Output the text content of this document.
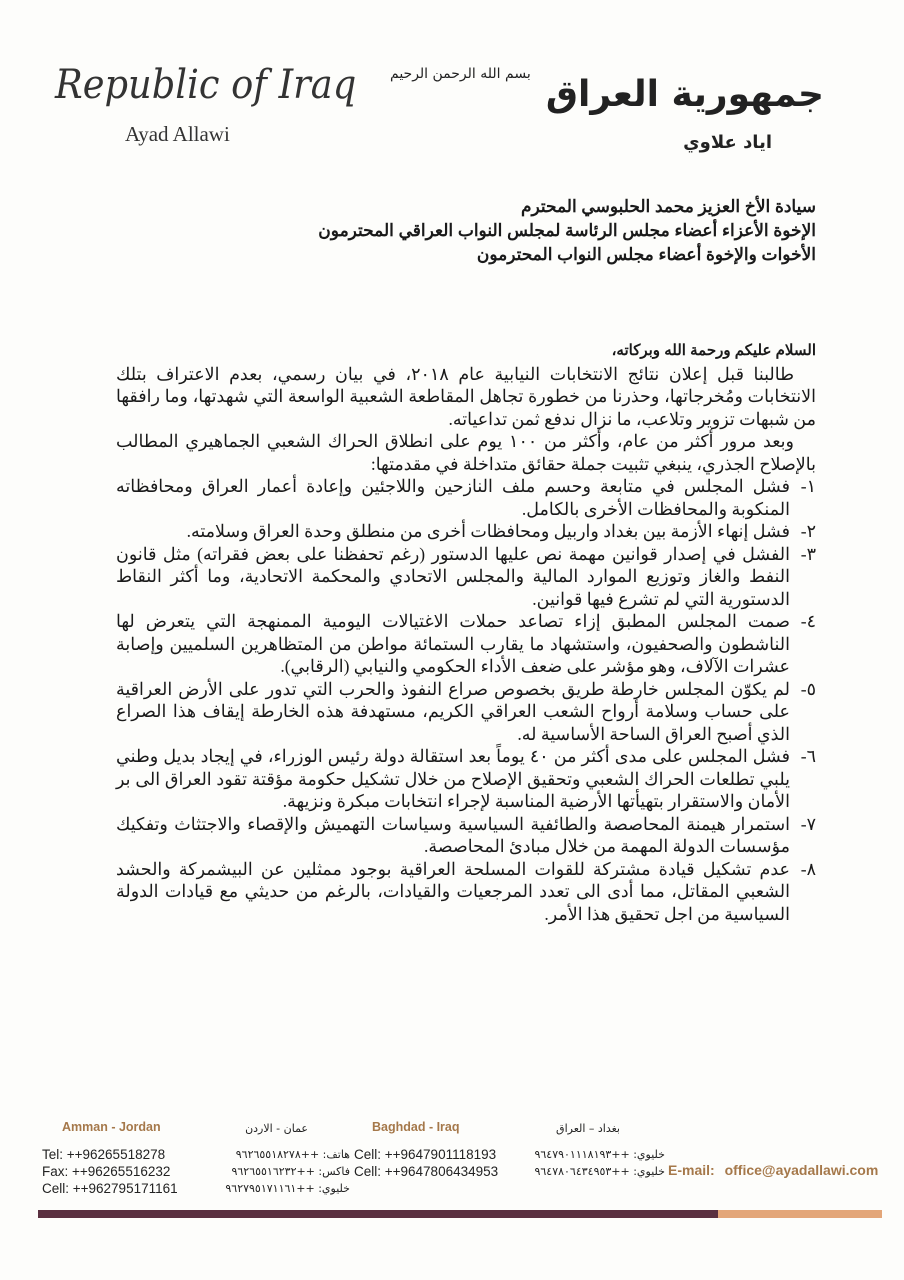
Republic of Iraq
Ayad Allawi
بسم الله الرحمن الرحيم جمهورية العراق
اياد علاوي
سيادة الأخ العزيز محمد الحلبوسي المحترم
الإخوة الأعزاء أعضاء مجلس الرئاسة لمجلس النواب العراقي المحترمون
الأخوات والإخوة أعضاء مجلس النواب المحترمون
السلام عليكم ورحمة الله وبركاته،

طالبنا قبل إعلان نتائج الانتخابات النيابية عام ٢٠١٨، في بيان رسمي، بعدم الاعتراف بتلك الانتخابات ومُخرجاتها، وحذرنا من خطورة تجاهل المقاطعة الشعبية الواسعة التي شهدتها، وما رافقها من شبهات تزوير وتلاعب، ما نزال ندفع ثمن تداعياته.

وبعد مرور أكثر من عام، وأكثر من ١٠٠ يوم على انطلاق الحراك الشعبي الجماهيري المطالب بالإصلاح الجذري، ينبغي تثبيت جملة حقائق متداخلة في مقدمتها:

١-فشل المجلس في متابعة وحسم ملف النازحين واللاجئين وإعادة أعمار العراق ومحافظاته المنكوبة والمحافظات الأخرى بالكامل.

٢-فشل إنهاء الأزمة بين بغداد واربيل ومحافظات أخرى من منطلق وحدة العراق وسلامته.

٣-الفشل في إصدار قوانين مهمة نص عليها الدستور (رغم تحفظنا على بعض فقراته) مثل قانون النفط والغاز وتوزيع الموارد المالية والمجلس الاتحادي والمحكمة الاتحادية، وما أكثر النقاط الدستورية التي لم تشرع فيها قوانين.

٤-صمت المجلس المطبق إزاء تصاعد حملات الاغتيالات اليومية الممنهجة التي يتعرض لها الناشطون والصحفيون، واستشهاد ما يقارب الستمائة مواطن من المتظاهرين السلميين وإصابة عشرات الآلاف، وهو مؤشر على ضعف الأداء الحكومي والنيابي (الرقابي).

٥-لم يكوّن المجلس خارطة طريق بخصوص صراع النفوذ والحرب التي تدور على الأرض العراقية على حساب وسلامة أرواح الشعب العراقي الكريم، مستهدفة هذه الخارطة إيقاف هذا الصراع الذي أصبح العراق الساحة الأساسية له.

٦-فشل المجلس على مدى أكثر من ٤٠ يوماً بعد استقالة دولة رئيس الوزراء، في إيجاد بديل وطني يلبي تطلعات الحراك الشعبي وتحقيق الإصلاح من خلال تشكيل حكومة مؤقتة تقود العراق الى بر الأمان والاستقرار بتهيأتها الأرضية المناسبة لإجراء انتخابات مبكرة ونزيهة.

٧-استمرار هيمنة المحاصصة والطائفية السياسية وسياسات التهميش والإقصاء والاجتثاث وتفكيك مؤسسات الدولة المهمة من خلال مبادئ المحاصصة.

٨-عدم تشكيل قيادة مشتركة للقوات المسلحة العراقية بوجود ممثلين عن البيشمركة والحشد الشعبي المقاتل، مما أدى الى تعدد المرجعيات والقيادات، بالرغم من حديثي مع قيادات الدولة السياسية من اجل تحقيق هذا الأمر.

Amman - Jordan
Tel: ++96265518278
Fax: ++96265516232
Cell: ++962795171161
عمان - الاردن
هاتف: ++٩٦٢٦٥٥١٨٢٧٨
فاكس: ++٩٦٢٦٥٥١٦٢٣٢
خليوي: ++٩٦٢٧٩٥١٧١١٦١
Baghdad - Iraq
Cell: ++9647901118193
Cell: ++9647806434953
بغداد – العراق
خليوي: ++٩٦٤٧٩٠١١١٨١٩٣
خليوي: ++٩٦٤٧٨٠٦٤٣٤٩٥٣ E-mail: office@ayadallawi.com
